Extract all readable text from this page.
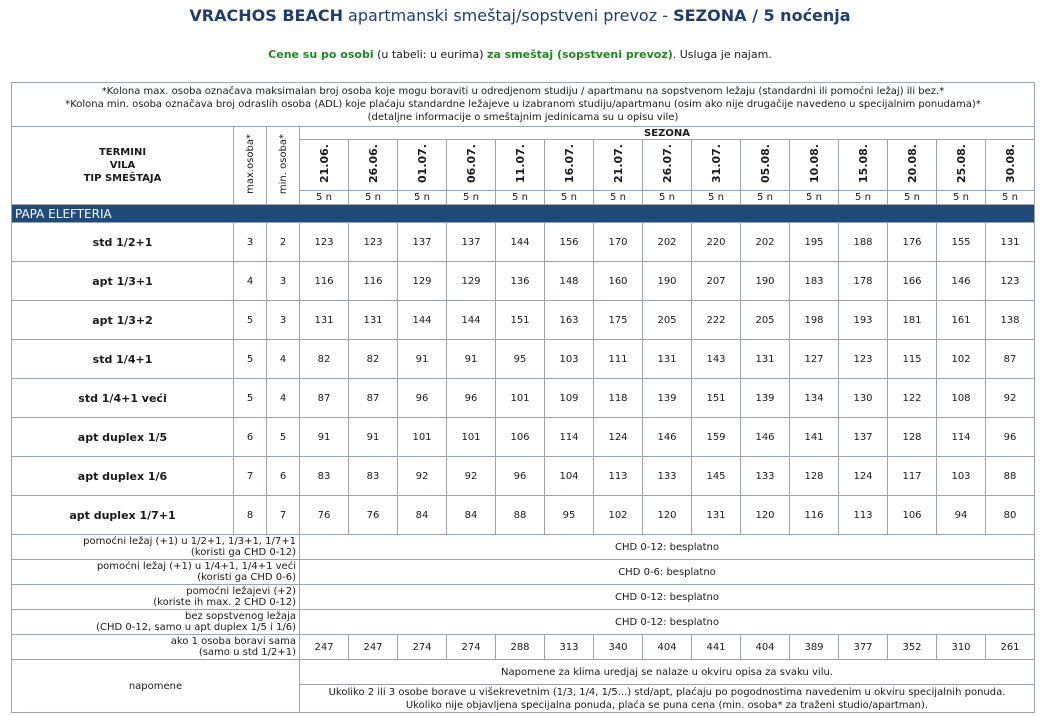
VRACHOS BEACH apartmanski smeštaj/sopstveni prevoz - SEZONA / 5 noćenja
Cene su po osobi (u tabeli: u eurima) za smeštaj (sopstveni prevoz). Usluga je najam.
*Kolona max. osoba označava maksimalan broj osoba koje mogu boraviti u odredjenom studiju / apartmanu na sopstvenom ležaju (standardni ili pomoćni ležaj) ili bez.*
*Kolona min. osoba označava broj odraslih osoba (ADL) koje plaćaju standardne ležajeve u izabranom studiju/apartmanu (osim ako nije drugačije navedeno u specijalnim ponudama)*
(detaljne informacije o smeštajnim jedinicama su u opisu vile)																	

TERMINI
VILA
TIP SMEŠTAJA	max.osoba*	min. osoba*	SEZONA														
			21.06.	26.06.	01.07.	06.07.	11.07.	16.07.	21.07.	26.07.	31.07.	05.08.	10.08.	15.08.	20.08.	25.08.	30.08.
			5 n	5 n	5 n	5 n	5 n	5 n	5 n	5 n	5 n	5 n	5 n	5 n	5 n	5 n	5 n
PAPA ELEFTERIA																	
std 1/2+1	3	2	123	123	137	137	144	156	170	202	220	202	195	188	176	155	131
apt 1/3+1	4	3	116	116	129	129	136	148	160	190	207	190	183	178	166	146	123
apt 1/3+2	5	3	131	131	144	144	151	163	175	205	222	205	198	193	181	161	138
std 1/4+1	5	4	82	82	91	91	95	103	111	131	143	131	127	123	115	102	87
std 1/4+1 veći	5	4	87	87	96	96	101	109	118	139	151	139	134	130	122	108	92
apt duplex 1/5	6	5	91	91	101	101	106	114	124	146	159	146	141	137	128	114	96
apt duplex 1/6	7	6	83	83	92	92	96	104	113	133	145	133	128	124	117	103	88
apt duplex 1/7+1	8	7	76	76	84	84	88	95	102	120	131	120	116	113	106	94	80

pomoćni ležaj (+1) u 1/2+1, 1/3+1, 1/7+1
(koristi ga CHD 0-12)			CHD 0-12: besplatno														

pomoćni ležaj (+1) u 1/4+1, 1/4+1 veći
(koristi ga CHD 0-6)			CHD 0-6: besplatno														

pomoćni ležajevi (+2)
(koriste ih max. 2 CHD 0-12)			CHD 0-12: besplatno														

bez sopstvenog ležaja
(CHD 0-12, samo u apt duplex 1/5 i 1/6)			CHD 0-12: besplatno														

ako 1 osoba boravi sama
(samo u std 1/2+1)			247	247	274	274	288	313	340	404	441	404	389	377	352	310	261
napomene			Napomene za klima uredjaj se nalaze u okviru opisa za svaku vilu.														

			Ukoliko 2 ili 3 osobe borave u višekrevetnim (1/3, 1/4, 1/5...) std/apt, plaćaju po pogodnostima navedenim u okviru specijalnih ponuda.
Ukoliko nije objavljena specijalna ponuda, plaća se puna cena (min. osoba* za traženi studio/apartman).														
